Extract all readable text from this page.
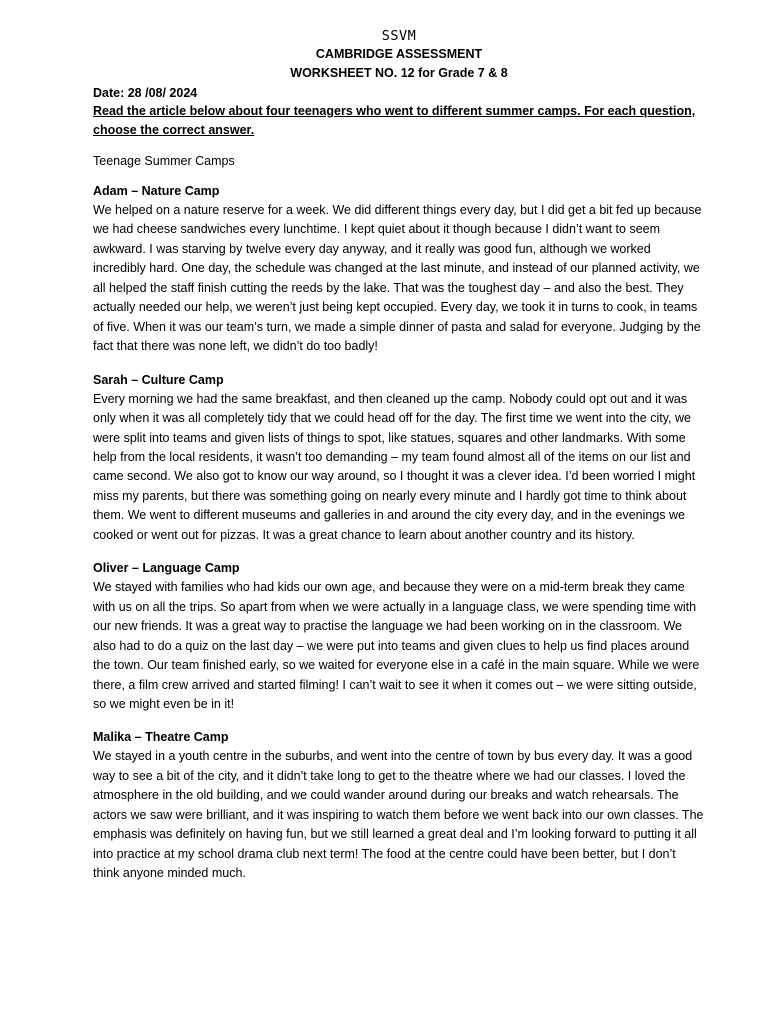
SSVM
CAMBRIDGE ASSESSMENT
WORKSHEET NO. 12 for Grade 7 & 8
Date: 28 /08/ 2024
Read the article below about four teenagers who went to different summer camps. For each question, choose the correct answer.
Teenage Summer Camps
Adam – Nature Camp

We helped on a nature reserve for a week. We did different things every day, but I did get a bit fed up because we had cheese sandwiches every lunchtime. I kept quiet about it though because I didn’t want to seem awkward. I was starving by twelve every day anyway, and it really was good fun, although we worked incredibly hard. One day, the schedule was changed at the last minute, and instead of our planned activity, we all helped the staff finish cutting the reeds by the lake. That was the toughest day – and also the best. They actually needed our help, we weren’t just being kept occupied. Every day, we took it in turns to cook, in teams of five. When it was our team’s turn, we made a simple dinner of pasta and salad for everyone. Judging by the fact that there was none left, we didn’t do too badly!

Sarah – Culture Camp

Every morning we had the same breakfast, and then cleaned up the camp. Nobody could opt out and it was only when it was all completely tidy that we could head off for the day. The first time we went into the city, we were split into teams and given lists of things to spot, like statues, squares and other landmarks. With some help from the local residents, it wasn’t too demanding – my team found almost all of the items on our list and came second. We also got to know our way around, so I thought it was a clever idea. I’d been worried I might miss my parents, but there was something going on nearly every minute and I hardly got time to think about them. We went to different museums and galleries in and around the city every day, and in the evenings we cooked or went out for pizzas. It was a great chance to learn about another country and its history.

Oliver – Language Camp

We stayed with families who had kids our own age, and because they were on a mid-term break they came with us on all the trips. So apart from when we were actually in a language class, we were spending time with our new friends. It was a great way to practise the language we had been working on in the classroom. We also had to do a quiz on the last day – we were put into teams and given clues to help us find places around the town. Our team finished early, so we waited for everyone else in a café in the main square. While we were there, a film crew arrived and started filming! I can’t wait to see it when it comes out – we were sitting outside, so we might even be in it!

Malika – Theatre Camp

We stayed in a youth centre in the suburbs, and went into the centre of town by bus every day. It was a good way to see a bit of the city, and it didn’t take long to get to the theatre where we had our classes. I loved the atmosphere in the old building, and we could wander around during our breaks and watch rehearsals. The actors we saw were brilliant, and it was inspiring to watch them before we went back into our own classes. The emphasis was definitely on having fun, but we still learned a great deal and I’m looking forward to putting it all into practice at my school drama club next term! The food at the centre could have been better, but I don’t think anyone minded much.
